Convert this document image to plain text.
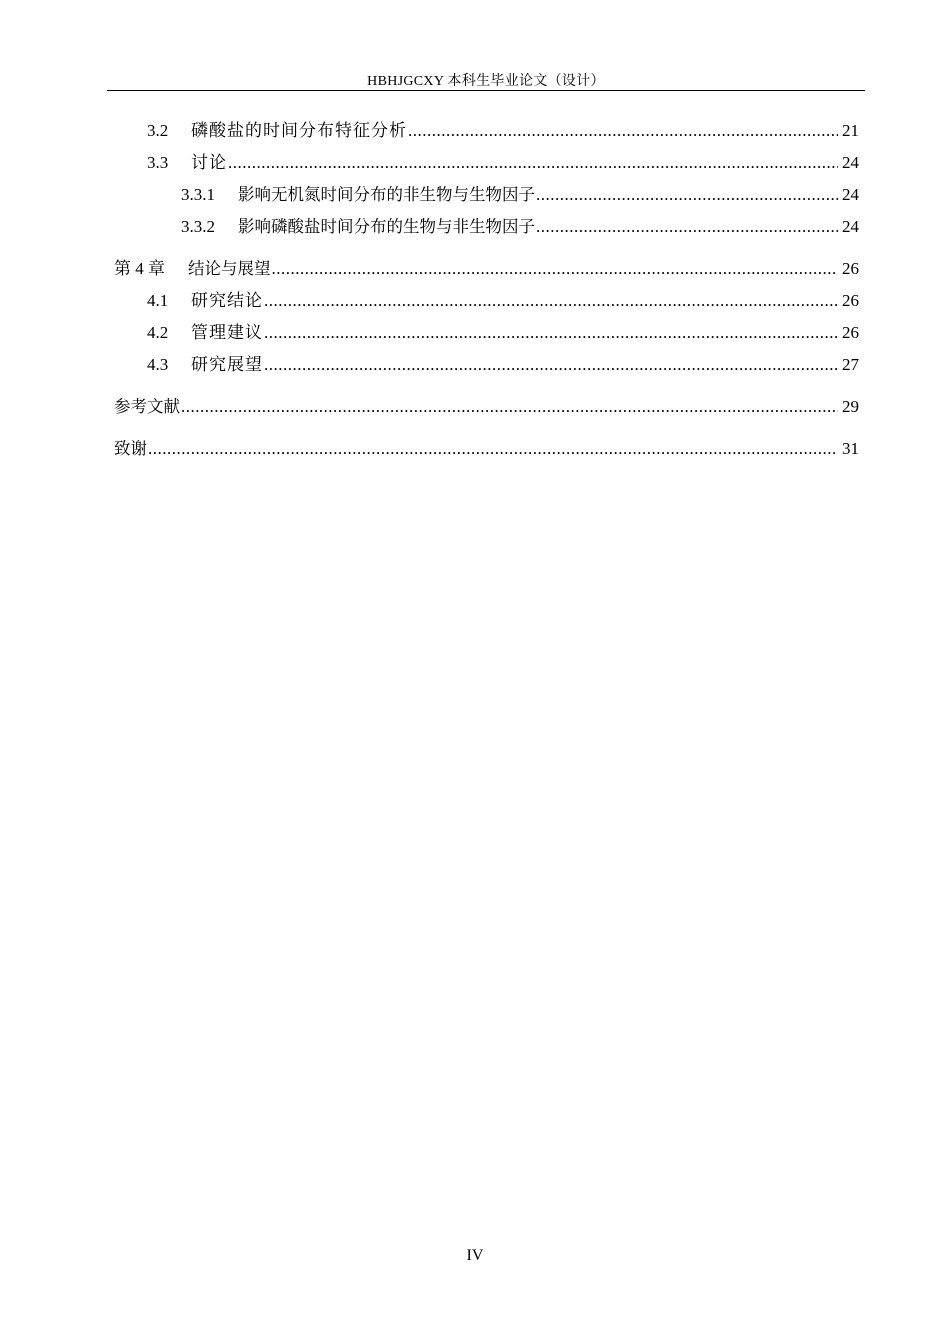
HBHJGCXY 本科生毕业论文（设计）
3.2	磷酸盐的时间分布特征分析 .....	21
3.3	讨论 .....	24
3.3.1	影响无机氮时间分布的非生物与生物因子 .....	24
3.3.2	影响磷酸盐时间分布的生物与非生物因子 .....	24
第 4 章	结论与展望 .....	26
4.1	研究结论 .....	26
4.2	管理建议 .....	26
4.3	研究展望 .....	27
参考文献 .....	29
致谢 .....	31
IV
